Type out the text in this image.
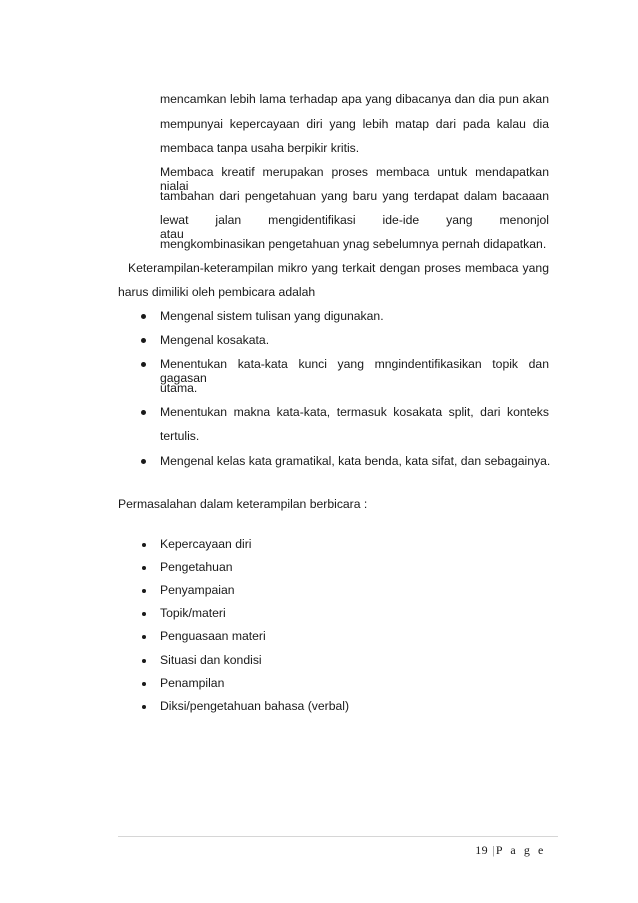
mencamkan lebih lama terhadap apa yang dibacanya dan dia pun akan
mempunyai kepercayaan diri yang lebih matap dari pada kalau dia
membaca tanpa usaha berpikir kritis.
Membaca kreatif merupakan proses membaca untuk mendapatkan nialai
tambahan dari pengetahuan yang baru yang terdapat dalam bacaaan
lewat jalan mengidentifikasi ide-ide yang menonjol atau
mengkombinasikan pengetahuan ynag sebelumnya pernah didapatkan.
Keterampilan-keterampilan mikro yang terkait dengan proses membaca yang
harus dimiliki oleh pembicara adalah
Mengenal sistem tulisan yang digunakan.
Mengenal kosakata.
Menentukan kata-kata kunci yang mngindentifikasikan topik dan gagasan
utama.
Menentukan makna kata-kata, termasuk kosakata split, dari konteks
tertulis.
Mengenal kelas kata gramatikal, kata benda, kata sifat, dan sebagainya.
Permasalahan dalam keterampilan berbicara :
Kepercayaan diri
Pengetahuan
Penyampaian
Topik/materi
Penguasaan materi
Situasi dan kondisi
Penampilan
Diksi/pengetahuan bahasa (verbal)
19 |P a g e
